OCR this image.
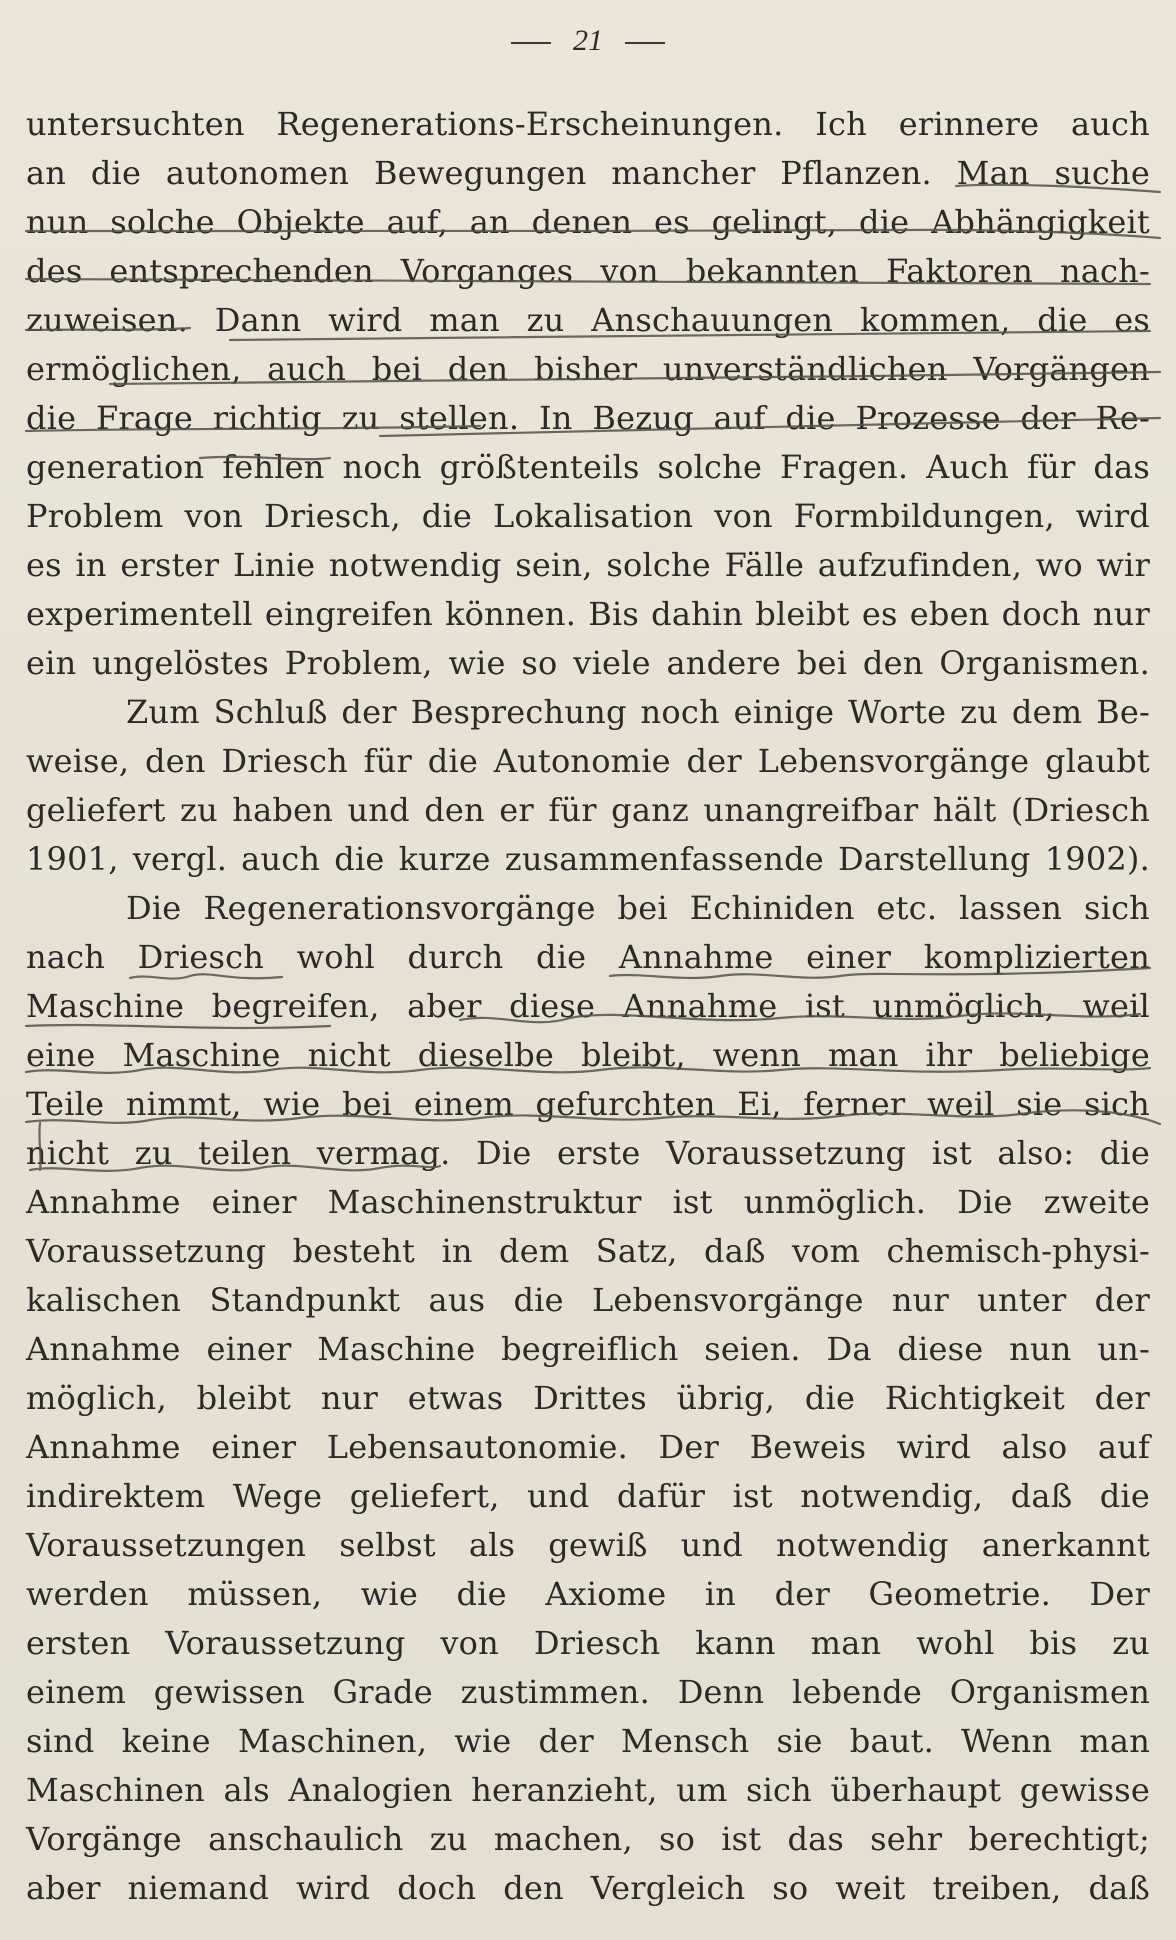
21
untersuchten Regenerations-Erscheinungen. Ich erinnere auch
an die autonomen Bewegungen mancher Pflanzen. Man suche
nun solche Objekte auf, an denen es gelingt, die Abhängigkeit
des entsprechenden Vorganges von bekannten Faktoren nach-
zuweisen. Dann wird man zu Anschauungen kommen, die es
ermöglichen, auch bei den bisher unverständlichen Vorgängen
die Frage richtig zu stellen. In Bezug auf die Prozesse der Re-
generation fehlen noch größtenteils solche Fragen. Auch für das
Problem von Driesch, die Lokalisation von Formbildungen, wird
es in erster Linie notwendig sein, solche Fälle aufzufinden, wo wir
experimentell eingreifen können. Bis dahin bleibt es eben doch nur
ein ungelöstes Problem, wie so viele andere bei den Organismen.
Zum Schluß der Besprechung noch einige Worte zu dem Be-
weise, den Driesch für die Autonomie der Lebensvorgänge glaubt
geliefert zu haben und den er für ganz unangreifbar hält (Driesch
1901, vergl. auch die kurze zusammenfassende Darstellung 1902).
Die Regenerationsvorgänge bei Echiniden etc. lassen sich
nach Driesch wohl durch die Annahme einer komplizierten
Maschine begreifen, aber diese Annahme ist unmöglich, weil
eine Maschine nicht dieselbe bleibt, wenn man ihr beliebige
Teile nimmt, wie bei einem gefurchten Ei, ferner weil sie sich
nicht zu teilen vermag. Die erste Voraussetzung ist also: die
Annahme einer Maschinenstruktur ist unmöglich. Die zweite
Voraussetzung besteht in dem Satz, daß vom chemisch-physi-
kalischen Standpunkt aus die Lebensvorgänge nur unter der
Annahme einer Maschine begreiflich seien. Da diese nun un-
möglich, bleibt nur etwas Drittes übrig, die Richtigkeit der
Annahme einer Lebensautonomie. Der Beweis wird also auf
indirektem Wege geliefert, und dafür ist notwendig, daß die
Voraussetzungen selbst als gewiß und notwendig anerkannt
werden müssen, wie die Axiome in der Geometrie. Der
ersten Voraussetzung von Driesch kann man wohl bis zu
einem gewissen Grade zustimmen. Denn lebende Organismen
sind keine Maschinen, wie der Mensch sie baut. Wenn man
Maschinen als Analogien heranzieht, um sich überhaupt gewisse
Vorgänge anschaulich zu machen, so ist das sehr berechtigt;
aber niemand wird doch den Vergleich so weit treiben, daß
